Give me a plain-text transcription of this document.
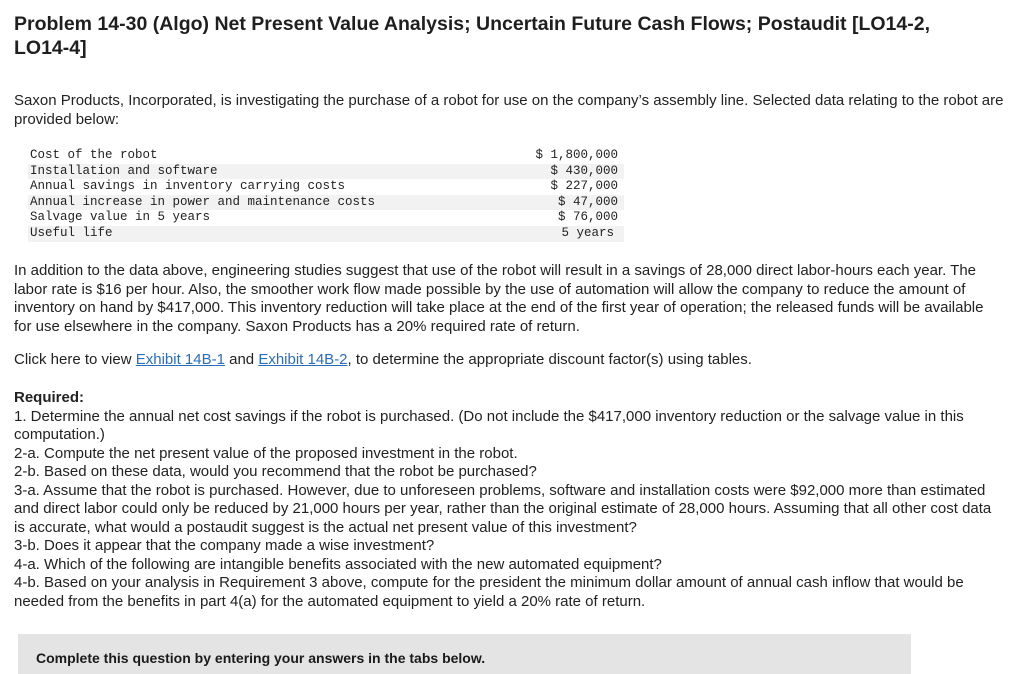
Problem 14-30 (Algo) Net Present Value Analysis; Uncertain Future Cash Flows; Postaudit [LO14-2,
LO14-4]

Saxon Products, Incorporated, is investigating the purchase of a robot for use on the company’s assembly line. Selected data relating to the robot are provided below:

Cost of the robot	$ 1,800,000
Installation and software	$ 430,000
Annual savings in inventory carrying costs	$ 227,000
Annual increase in power and maintenance costs	$ 47,000
Salvage value in 5 years	$ 76,000
Useful life	5 years

In addition to the data above, engineering studies suggest that use of the robot will result in a savings of 28,000 direct labor-hours each year. The labor rate is $16 per hour. Also, the smoother work flow made possible by the use of automation will allow the company to reduce the amount of inventory on hand by $417,000. This inventory reduction will take place at the end of the first year of operation; the released funds will be available for use elsewhere in the company. Saxon Products has a 20% required rate of return.

Click here to view Exhibit 14B-1 and Exhibit 14B-2, to determine the appropriate discount factor(s) using tables.

Required:
1. Determine the annual net cost savings if the robot is purchased. (Do not include the $417,000 inventory reduction or the salvage value in this computation.)
2-a. Compute the net present value of the proposed investment in the robot.
2-b. Based on these data, would you recommend that the robot be purchased?
3-a. Assume that the robot is purchased. However, due to unforeseen problems, software and installation costs were $92,000 more than estimated and direct labor could only be reduced by 21,000 hours per year, rather than the original estimate of 28,000 hours. Assuming that all other cost data is accurate, what would a postaudit suggest is the actual net present value of this investment?
3-b. Does it appear that the company made a wise investment?
4-a. Which of the following are intangible benefits associated with the new automated equipment?
4-b. Based on your analysis in Requirement 3 above, compute for the president the minimum dollar amount of annual cash inflow that would be needed from the benefits in part 4(a) for the automated equipment to yield a 20% rate of return.
Complete this question by entering your answers in the tabs below.
